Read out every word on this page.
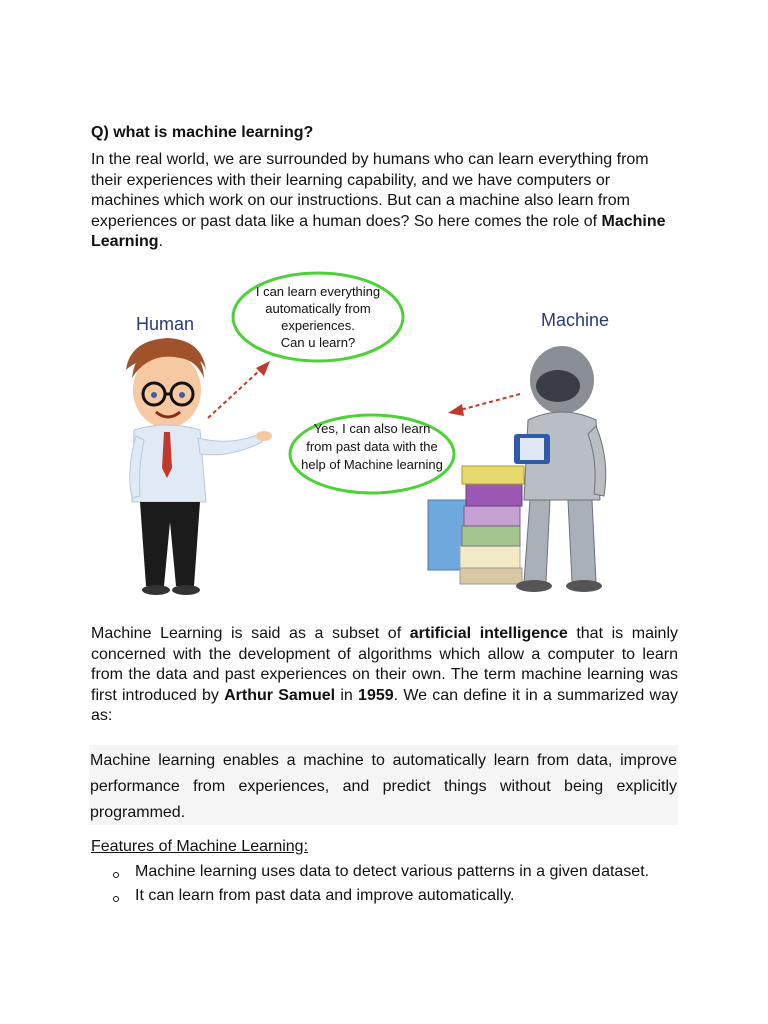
Q) what is machine learning?

In the real world, we are surrounded by humans who can learn everything from their experiences with their learning capability, and we have computers or machines which work on our instructions. But can a machine also learn from experiences or past data like a human does? So here comes the role of Machine Learning.

Human	Machine
I can learn everything
automatically from
experiences.
Can u learn?
Yes, I can also learn
from past data with the
help of Machine learning

Machine Learning is said as a subset of artificial intelligence that is mainly concerned with the development of algorithms which allow a computer to learn from the data and past experiences on their own. The term machine learning was first introduced by Arthur Samuel in 1959. We can define it in a summarized way as:

Machine learning enables a machine to automatically learn from data, improve performance from experiences, and predict things without being explicitly programmed.

Features of Machine Learning:

Machine learning uses data to detect various patterns in a given dataset.
It can learn from past data and improve automatically.
